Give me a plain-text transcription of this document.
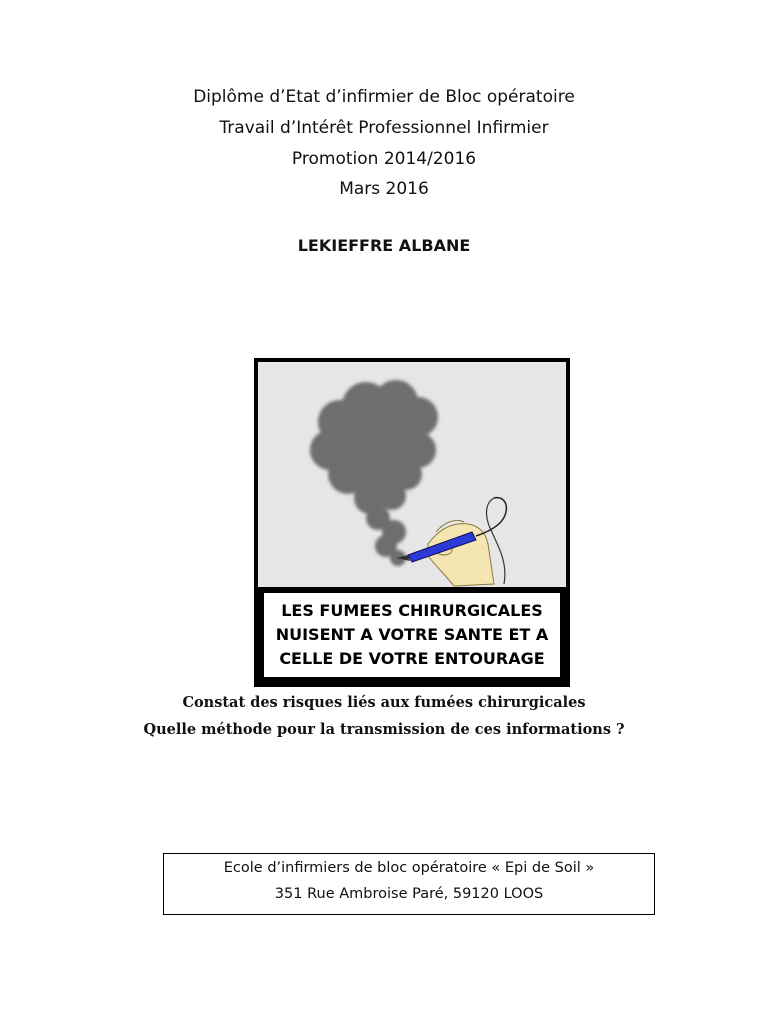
Diplôme d’Etat d’infirmier de Bloc opératoire
Travail d’Intérêt Professionnel Infirmier
Promotion 2014/2016
Mars 2016
LEKIEFFRE ALBANE
LES FUMEES CHIRURGICALES
NUISENT A VOTRE SANTE ET A
CELLE DE VOTRE ENTOURAGE
Constat des risques liés aux fumées chirurgicales
Quelle méthode pour la transmission de ces informations ?
Ecole d’infirmiers de bloc opératoire « Epi de Soil »
351 Rue Ambroise Paré, 59120 LOOS
